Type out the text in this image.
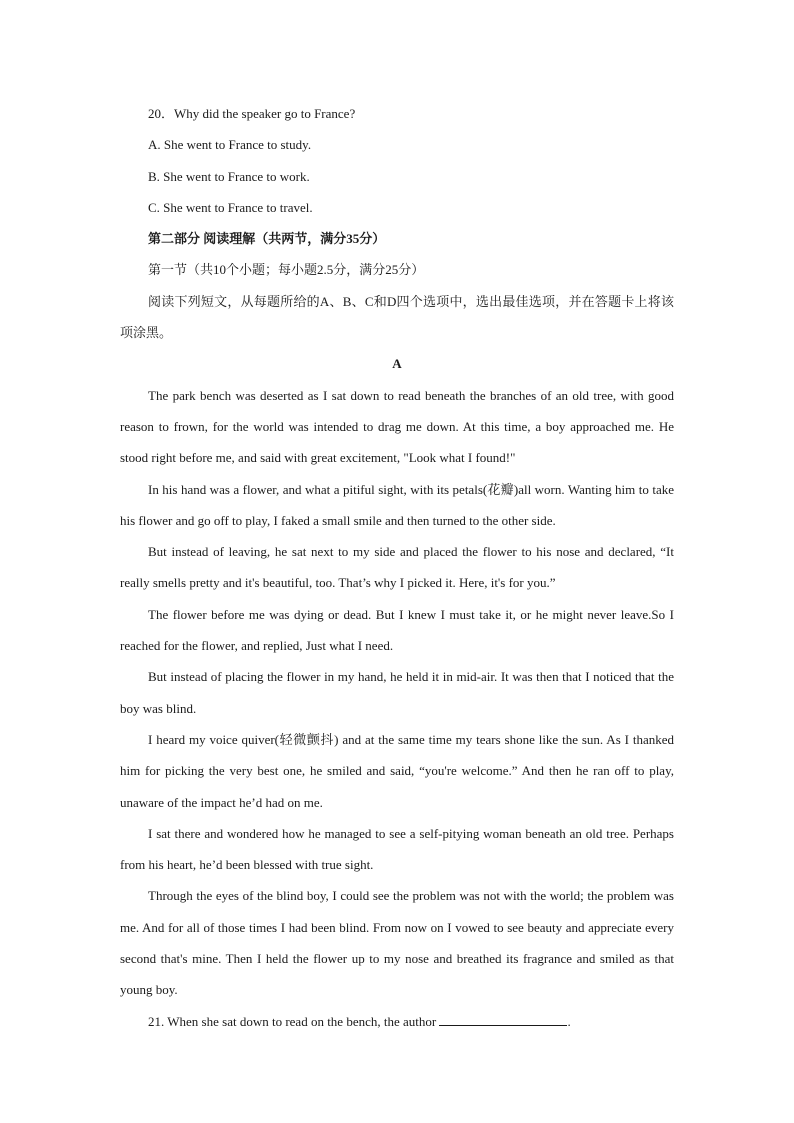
20．Why did the speaker go to France?

A. She went to France to study.

B. She went to France to work.

C. She went to France to travel.

第二部分 阅读理解（共两节，满分35分）

第一节（共10个小题；每小题2.5分，满分25分）

阅读下列短文，从每题所给的A、B、C和D四个选项中，选出最佳选项，并在答题卡上将该项涂黑。

A

The park bench was deserted as I sat down to read beneath the branches of an old tree, with good reason to frown, for the world was intended to drag me down. At this time, a boy approached me. He stood right before me, and said with great excitement, "Look what I found!"

In his hand was a flower, and what a pitiful sight, with its petals(花瓣)all worn. Wanting him to take his flower and go off to play, I faked a small smile and then turned to the other side.

But instead of leaving, he sat next to my side and placed the flower to his nose and declared, “It really smells pretty and it's beautiful, too. That’s why I picked it. Here, it's for you.”

The flower before me was dying or dead. But I knew I must take it, or he might never leave.So I reached for the flower, and replied, Just what I need.

But instead of placing the flower in my hand, he held it in mid-air. It was then that I noticed that the boy was blind.

I heard my voice quiver(轻微颤抖) and at the same time my tears shone like the sun. As I thanked him for picking the very best one, he smiled and said, “you're welcome.” And then he ran off to play, unaware of the impact he’d had on me.

I sat there and wondered how he managed to see a self-pitying woman beneath an old tree. Perhaps from his heart, he’d been blessed with true sight.

Through the eyes of the blind boy, I could see the problem was not with the world; the problem was me. And for all of those times I had been blind. From now on I vowed to see beauty and appreciate every second that's mine. Then I held the flower up to my nose and breathed its fragrance and smiled as that young boy.

21. When she sat down to read on the bench, the author	.
